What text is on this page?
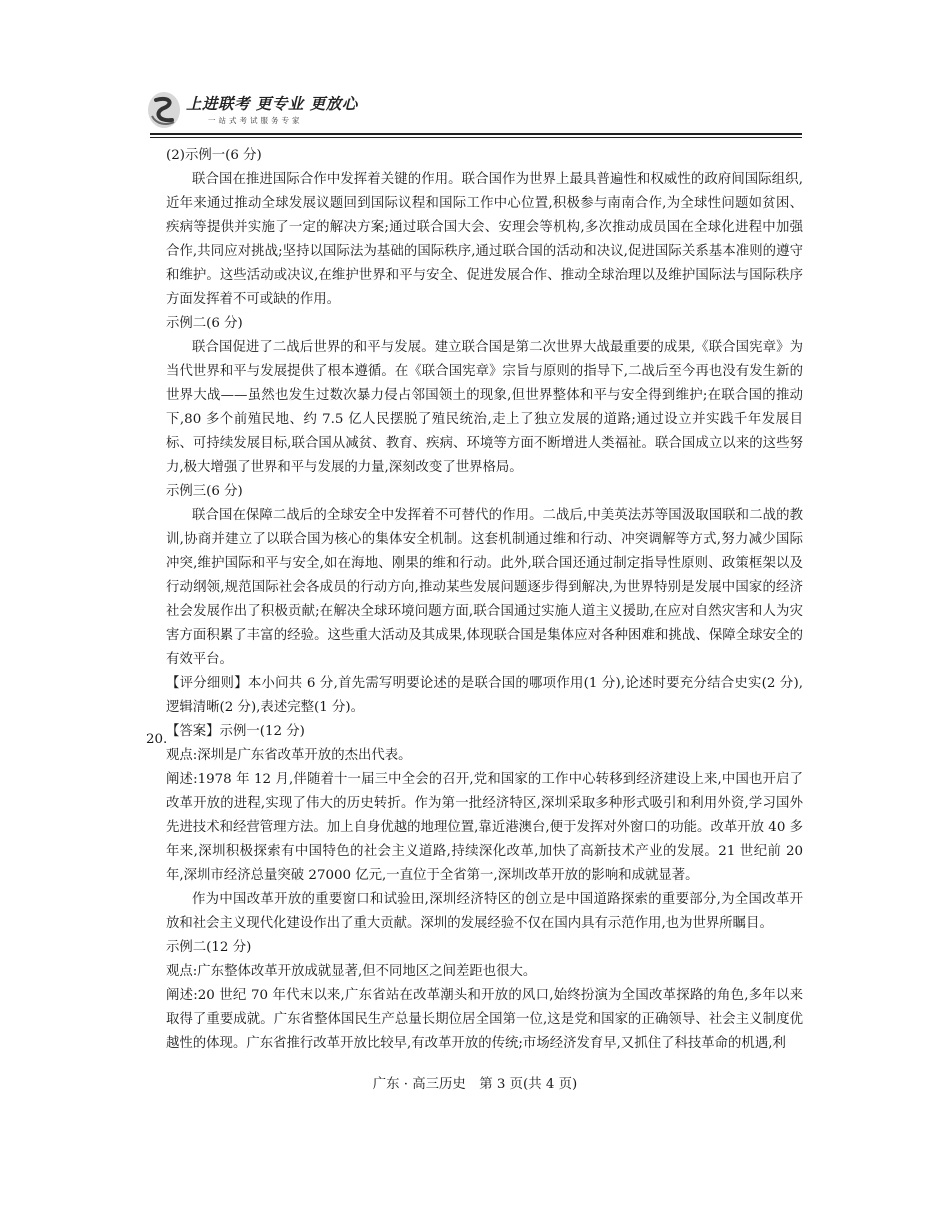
上进联考 更专业 更放心
一站式考试服务专家

(2)示例一(6 分)

联合国在推进国际合作中发挥着关键的作用。联合国作为世界上最具普遍性和权威性的政府间国际组织,近年来通过推动全球发展议题回到国际议程和国际工作中心位置,积极参与南南合作,为全球性问题如贫困、疾病等提供并实施了一定的解决方案;通过联合国大会、安理会等机构,多次推动成员国在全球化进程中加强合作,共同应对挑战;坚持以国际法为基础的国际秩序,通过联合国的活动和决议,促进国际关系基本准则的遵守和维护。这些活动或决议,在维护世界和平与安全、促进发展合作、推动全球治理以及维护国际法与国际秩序方面发挥着不可或缺的作用。

示例二(6 分)

联合国促进了二战后世界的和平与发展。建立联合国是第二次世界大战最重要的成果,《联合国宪章》为当代世界和平与发展提供了根本遵循。在《联合国宪章》宗旨与原则的指导下,二战后至今再也没有发生新的世界大战——虽然也发生过数次暴力侵占邻国领土的现象,但世界整体和平与安全得到维护;在联合国的推动下,80 多个前殖民地、约 7.5 亿人民摆脱了殖民统治,走上了独立发展的道路;通过设立并实践千年发展目标、可持续发展目标,联合国从减贫、教育、疾病、环境等方面不断增进人类福祉。联合国成立以来的这些努力,极大增强了世界和平与发展的力量,深刻改变了世界格局。

示例三(6 分)

联合国在保障二战后的全球安全中发挥着不可替代的作用。二战后,中美英法苏等国汲取国联和二战的教训,协商并建立了以联合国为核心的集体安全机制。这套机制通过维和行动、冲突调解等方式,努力减少国际冲突,维护国际和平与安全,如在海地、刚果的维和行动。此外,联合国还通过制定指导性原则、政策框架以及行动纲领,规范国际社会各成员的行动方向,推动某些发展问题逐步得到解决,为世界特别是发展中国家的经济社会发展作出了积极贡献;在解决全球环境问题方面,联合国通过实施人道主义援助,在应对自然灾害和人为灾害方面积累了丰富的经验。这些重大活动及其成果,体现联合国是集体应对各种困难和挑战、保障全球安全的有效平台。

【评分细则】本小问共 6 分,首先需写明要论述的是联合国的哪项作用(1 分),论述时要充分结合史实(2 分),逻辑清晰(2 分),表述完整(1 分)。

【答案】示例一(12 分)

观点:深圳是广东省改革开放的杰出代表。

阐述:1978 年 12 月,伴随着十一届三中全会的召开,党和国家的工作中心转移到经济建设上来,中国也开启了改革开放的进程,实现了伟大的历史转折。作为第一批经济特区,深圳采取多种形式吸引和利用外资,学习国外先进技术和经营管理方法。加上自身优越的地理位置,靠近港澳台,便于发挥对外窗口的功能。改革开放 40 多年来,深圳积极探索有中国特色的社会主义道路,持续深化改革,加快了高新技术产业的发展。21 世纪前 20 年,深圳市经济总量突破 27000 亿元,一直位于全省第一,深圳改革开放的影响和成就显著。

作为中国改革开放的重要窗口和试验田,深圳经济特区的创立是中国道路探索的重要部分,为全国改革开放和社会主义现代化建设作出了重大贡献。深圳的发展经验不仅在国内具有示范作用,也为世界所瞩目。

示例二(12 分)

观点:广东整体改革开放成就显著,但不同地区之间差距也很大。

阐述:20 世纪 70 年代末以来,广东省站在改革潮头和开放的风口,始终扮演为全国改革探路的角色,多年以来取得了重要成就。广东省整体国民生产总量长期位居全国第一位,这是党和国家的正确领导、社会主义制度优越性的体现。广东省推行改革开放比较早,有改革开放的传统;市场经济发育早,又抓住了科技革命的机遇,利

20.
广东 · 高三历史　第 3 页(共 4 页)
